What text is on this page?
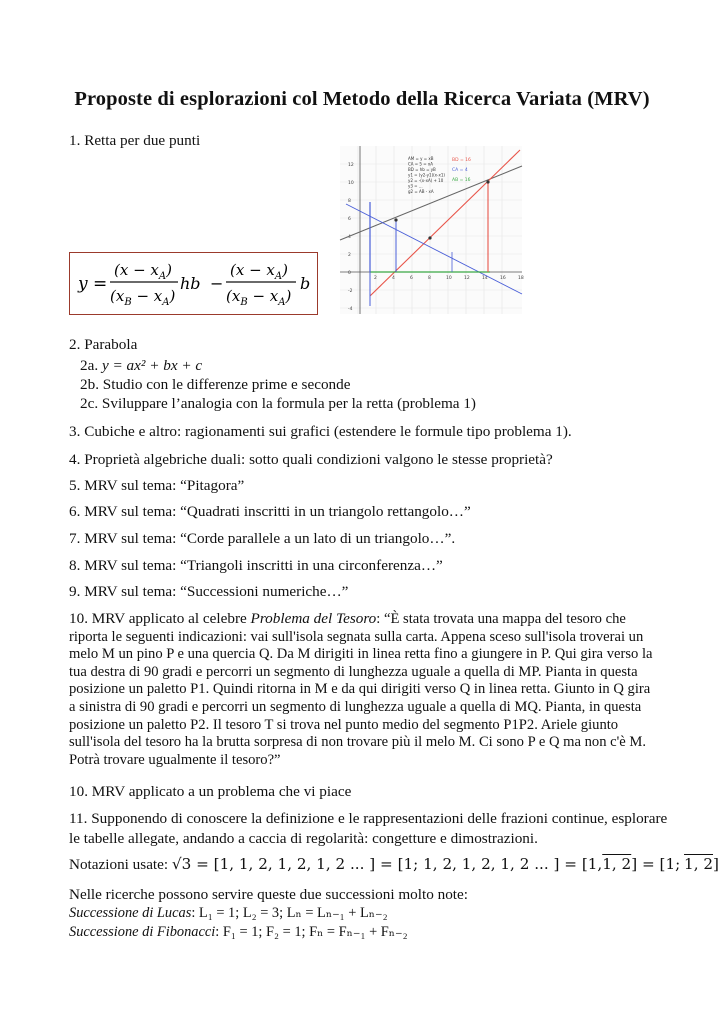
Proposte di esplorazioni col Metodo della Ricerca Variata (MRV)
1. Retta per due punti
y =
$(x - x_A)$
$(x_B - x_A)$
hb −
$(x - x_A)$
$(x_B - x_A)$
b
12
10
8
6
4
2
0
-2
-4
2	4	6	8	10	12	14	16	18
AM = y = xB
CA = 5 = xA
BD = hb = yB
y1 = (y2-y1)(x-x1)
y2 = -(x-xA) + 10
y3 = ...
g2 = AB - xA
BD = 16
CA = 4
AB = 16
2. Parabola
2a. y = ax² + bx + c
2b. Studio con le differenze prime e seconde
2c. Sviluppare l’analogia con la formula per la retta (problema 1)
3. Cubiche e altro: ragionamenti sui grafici (estendere le formule tipo problema 1).
4. Proprietà algebriche duali: sotto quali condizioni valgono le stesse proprietà?
5. MRV sul tema: “Pitagora”
6. MRV sul tema: “Quadrati inscritti in un triangolo rettangolo…”
7. MRV sul tema: “Corde parallele a un lato di un triangolo…”.
8. MRV sul tema: “Triangoli inscritti in una circonferenza…”
9. MRV sul tema: “Successioni numeriche…”
10. MRV applicato al celebre Problema del Tesoro: “È stata trovata una mappa del tesoro che riporta le seguenti indicazioni: vai sull'isola segnata sulla carta. Appena sceso sull'isola troverai un melo M un pino P e una quercia Q. Da M dirigiti in linea retta fino a giungere in P. Qui gira verso la tua destra di 90 gradi e percorri un segmento di lunghezza uguale a quella di MP. Pianta in questa posizione un paletto P1. Quindi ritorna in M e da qui dirigiti verso Q in linea retta. Giunto in Q gira a sinistra di 90 gradi e percorri un segmento di lunghezza uguale a quella di MQ. Pianta, in questa posizione un paletto P2. Il tesoro T si trova nel punto medio del segmento P1P2. Ariele giunto sull'isola del tesoro ha la brutta sorpresa di non trovare più il melo M. Ci sono P e Q ma non c'è M. Potrà trovare ugualmente il tesoro?”
10. MRV applicato a un problema che vi piace
11. Supponendo di conoscere la definizione e le rappresentazioni delle frazioni continue, esplorare le tabelle allegate, andando a caccia di regolarità: congetture e dimostrazioni.
Notazioni usate: √3 = [1, 1, 2, 1, 2, 1, 2 ... ] = [1; 1, 2, 1, 2, 1, 2 ... ] = [1,1, 2] = [1; 1, 2]
Nelle ricerche possono servire queste due successioni molto note:
Successione di Lucas: L₁ = 1; L₂ = 3; Lₙ = Lₙ₋₁ + Lₙ₋₂
Successione di Fibonacci: F₁ = 1; F₂ = 1; Fₙ = Fₙ₋₁ + Fₙ₋₂
